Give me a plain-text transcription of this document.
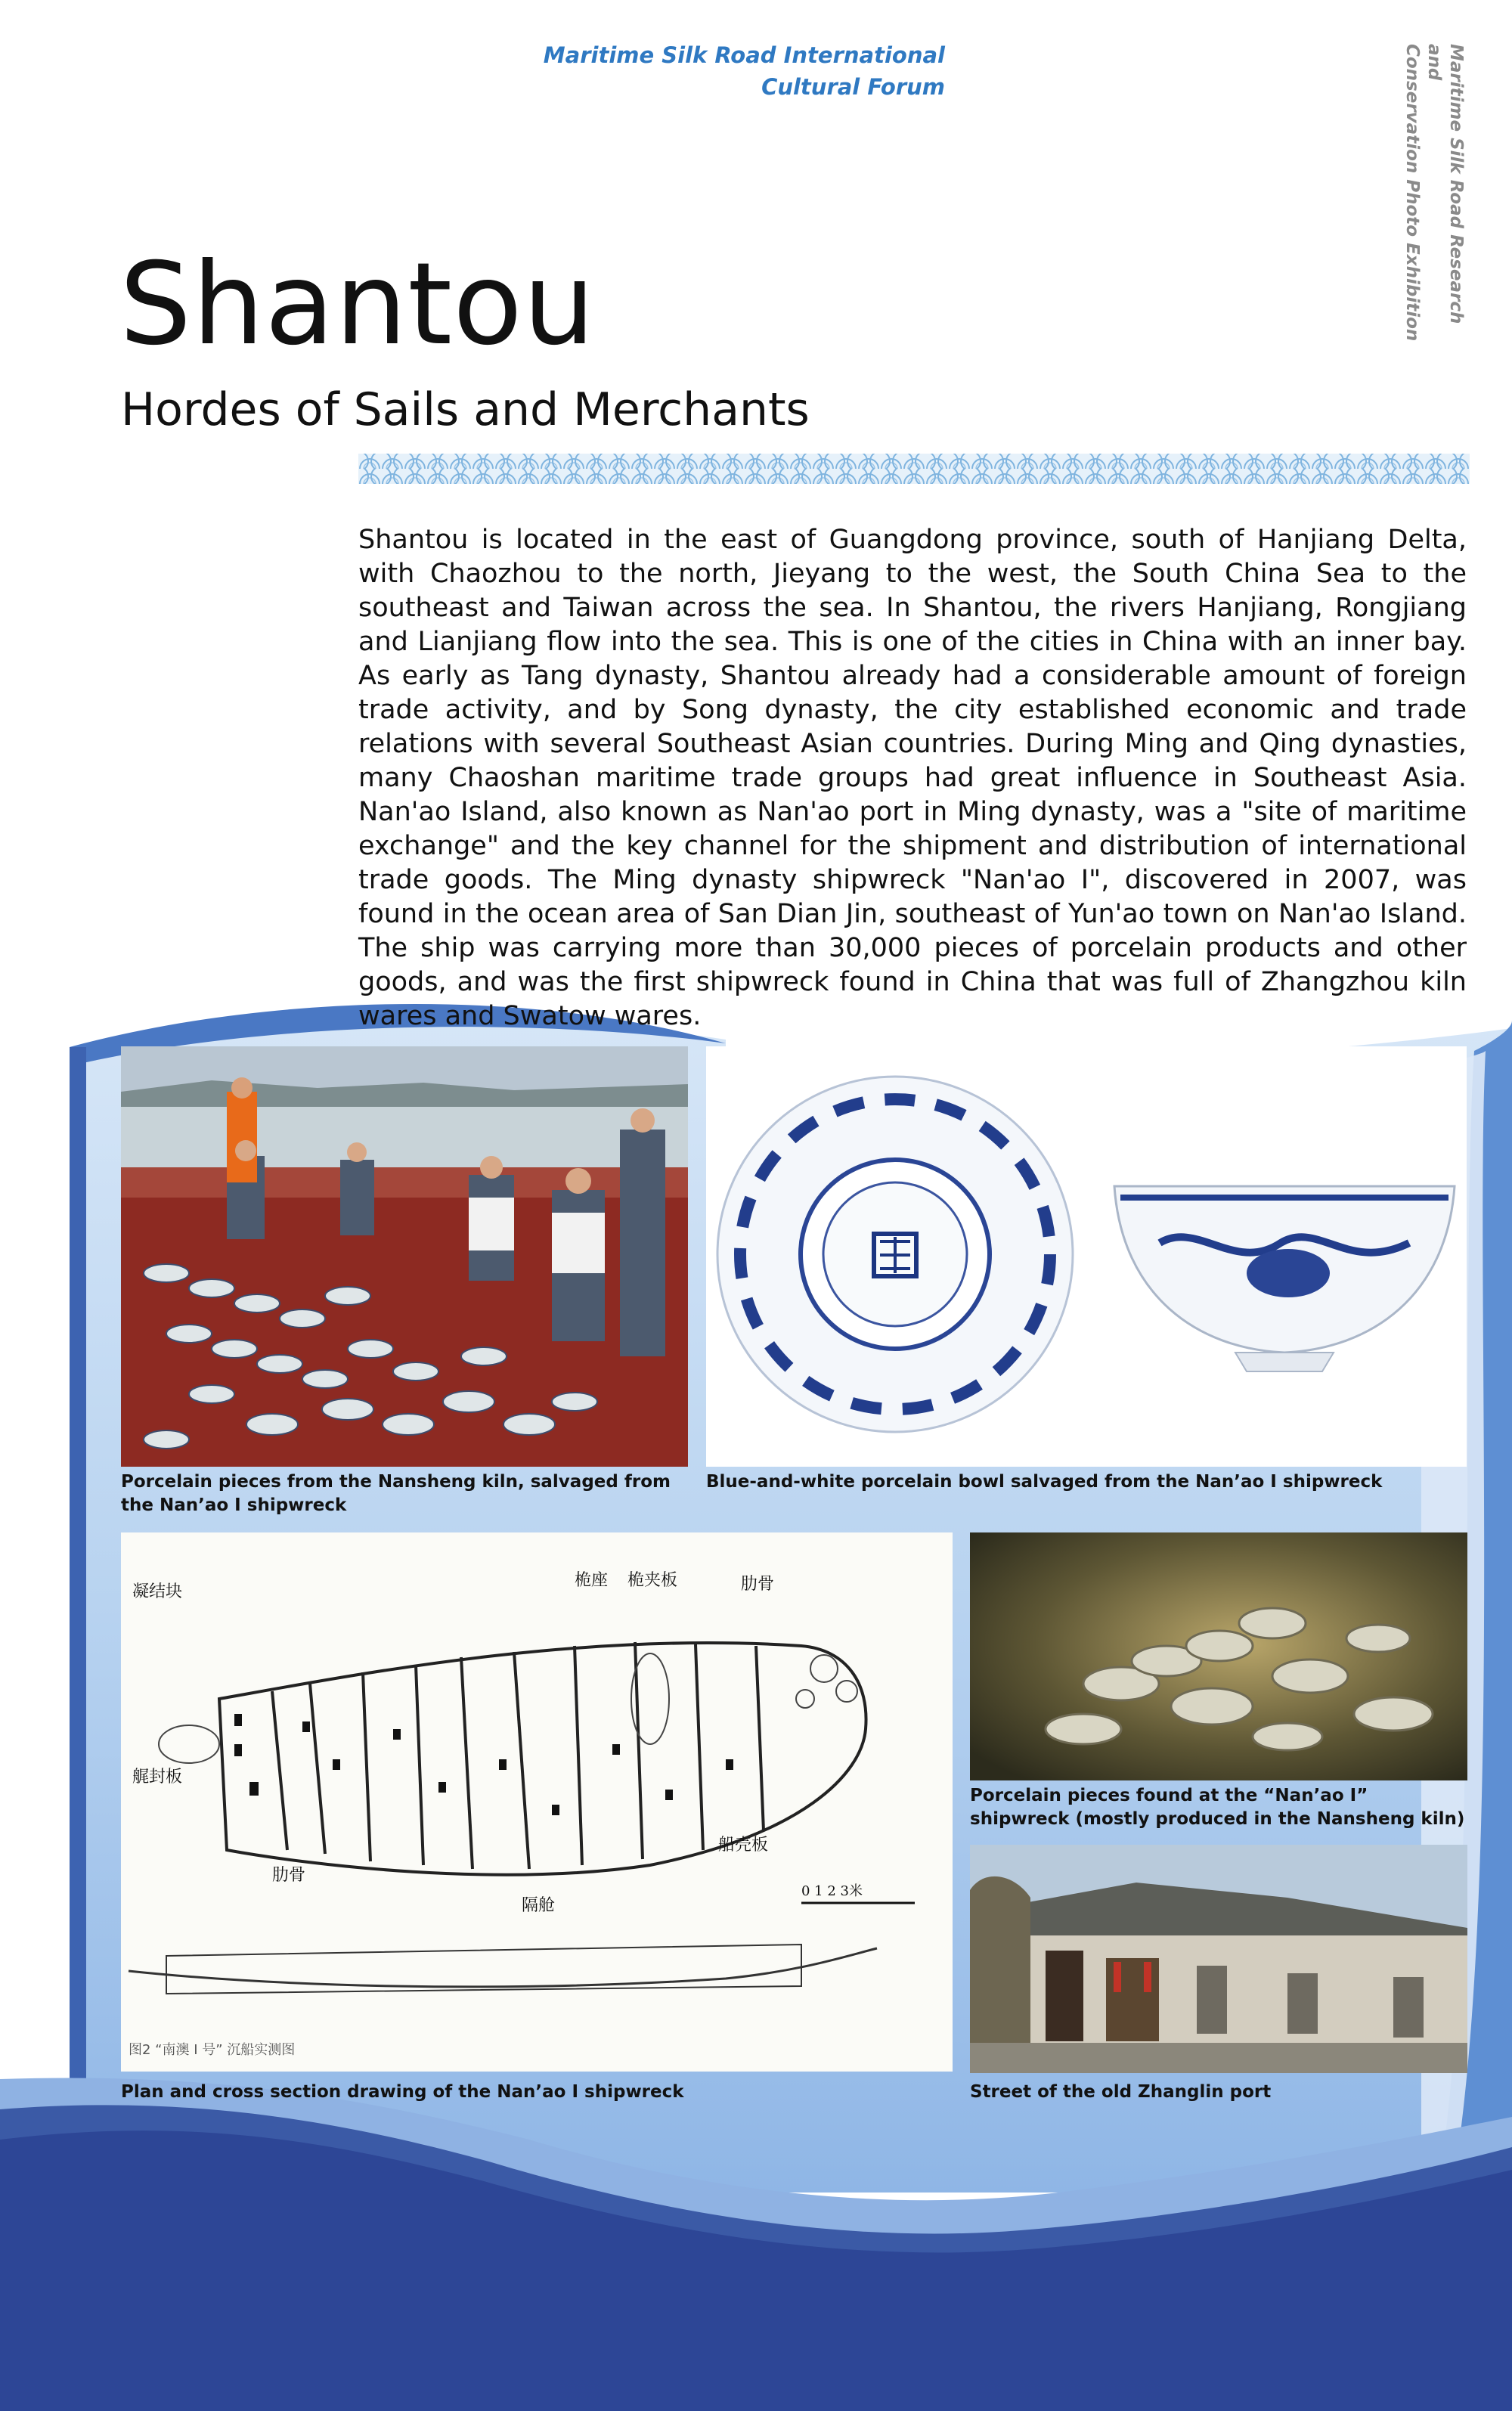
Maritime Silk Road International
Cultural Forum	Maritime Silk Road Research and
Conservation Photo Exhibition
Shantou
Hordes of Sails and Merchants
Shantou is located in the east of Guangdong province, south of Hanjiang Delta, with Chaozhou to the north, Jieyang to the west, the South China Sea to the southeast and Taiwan across the sea. In Shantou, the rivers Hanjiang, Rongjiang and Lianjiang flow into the sea. This is one of the cities in China with an inner bay. As early as Tang dynasty, Shantou already had a considerable amount of foreign trade activity, and by Song dynasty, the city established economic and trade relations with several Southeast Asian countries. During Ming and Qing dynasties, many Chaoshan maritime trade groups had great influence in Southeast Asia. Nan'ao Island, also known as Nan'ao port in Ming dynasty, was a "site of maritime exchange" and the key channel for the shipment and distribution of international trade goods. The Ming dynasty shipwreck "Nan'ao I", discovered in 2007, was found in the ocean area of San Dian Jin, southeast of Yun'ao town on Nan'ao Island. The ship was carrying more than 30,000 pieces of porcelain products and other goods, and was the first shipwreck found in China that was full of Zhangzhou kiln wares and Swatow wares.
Porcelain pieces from the Nansheng kiln, salvaged from the Nan’ao I shipwreck
Blue-and-white porcelain bowl salvaged from the Nan’ao I shipwreck
凝结块
艉封板
肋骨
桅座 桅夹板	肋骨
船壳板
隔舱
0 1 2 3米
图2 “南澳 I 号” 沉船实测图
Plan and cross section drawing of the Nan’ao I shipwreck
Porcelain pieces found at the “Nan’ao I” shipwreck (mostly produced in the Nansheng kiln)
Street of the old Zhanglin port
